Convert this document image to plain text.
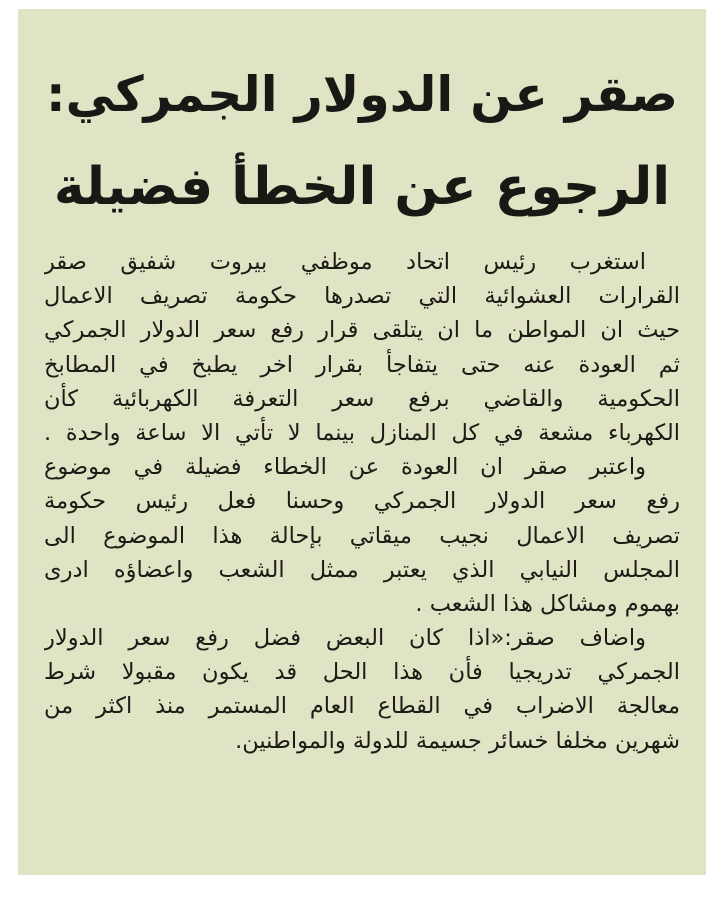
صقر عن الدولار الجمركي:
الرجوع عن الخطأ فضيلة
استغرب رئيس اتحاد موظفي بيروت شفيق صقر
القرارات العشوائية التي تصدرها حكومة تصريف الاعمال
حيث ان المواطن ما ان يتلقى قرار رفع سعر الدولار الجمركي
ثم العودة عنه حتى يتفاجأ بقرار اخر يطبخ في المطابخ
الحكومية والقاضي برفع سعر التعرفة الكهربائية كأن
الكهرباء مشعة في كل المنازل بينما لا تأتي الا ساعة واحدة .
واعتبر صقر ان العودة عن الخطاء فضيلة في موضوع
رفع سعر الدولار الجمركي وحسنا فعل رئيس حكومة
تصريف الاعمال نجيب ميقاتي بإحالة هذا الموضوع الى
المجلس النيابي الذي يعتبر ممثل الشعب واعضاؤه ادرى
بهموم ومشاكل هذا الشعب .
واضاف صقر:«اذا كان البعض فضل رفع سعر الدولار
الجمركي تدريجيا فأن هذا الحل قد يكون مقبولا شرط
معالجة الاضراب في القطاع العام المستمر منذ اكثر من
شهرين مخلفا خسائر جسيمة للدولة والمواطنين.
